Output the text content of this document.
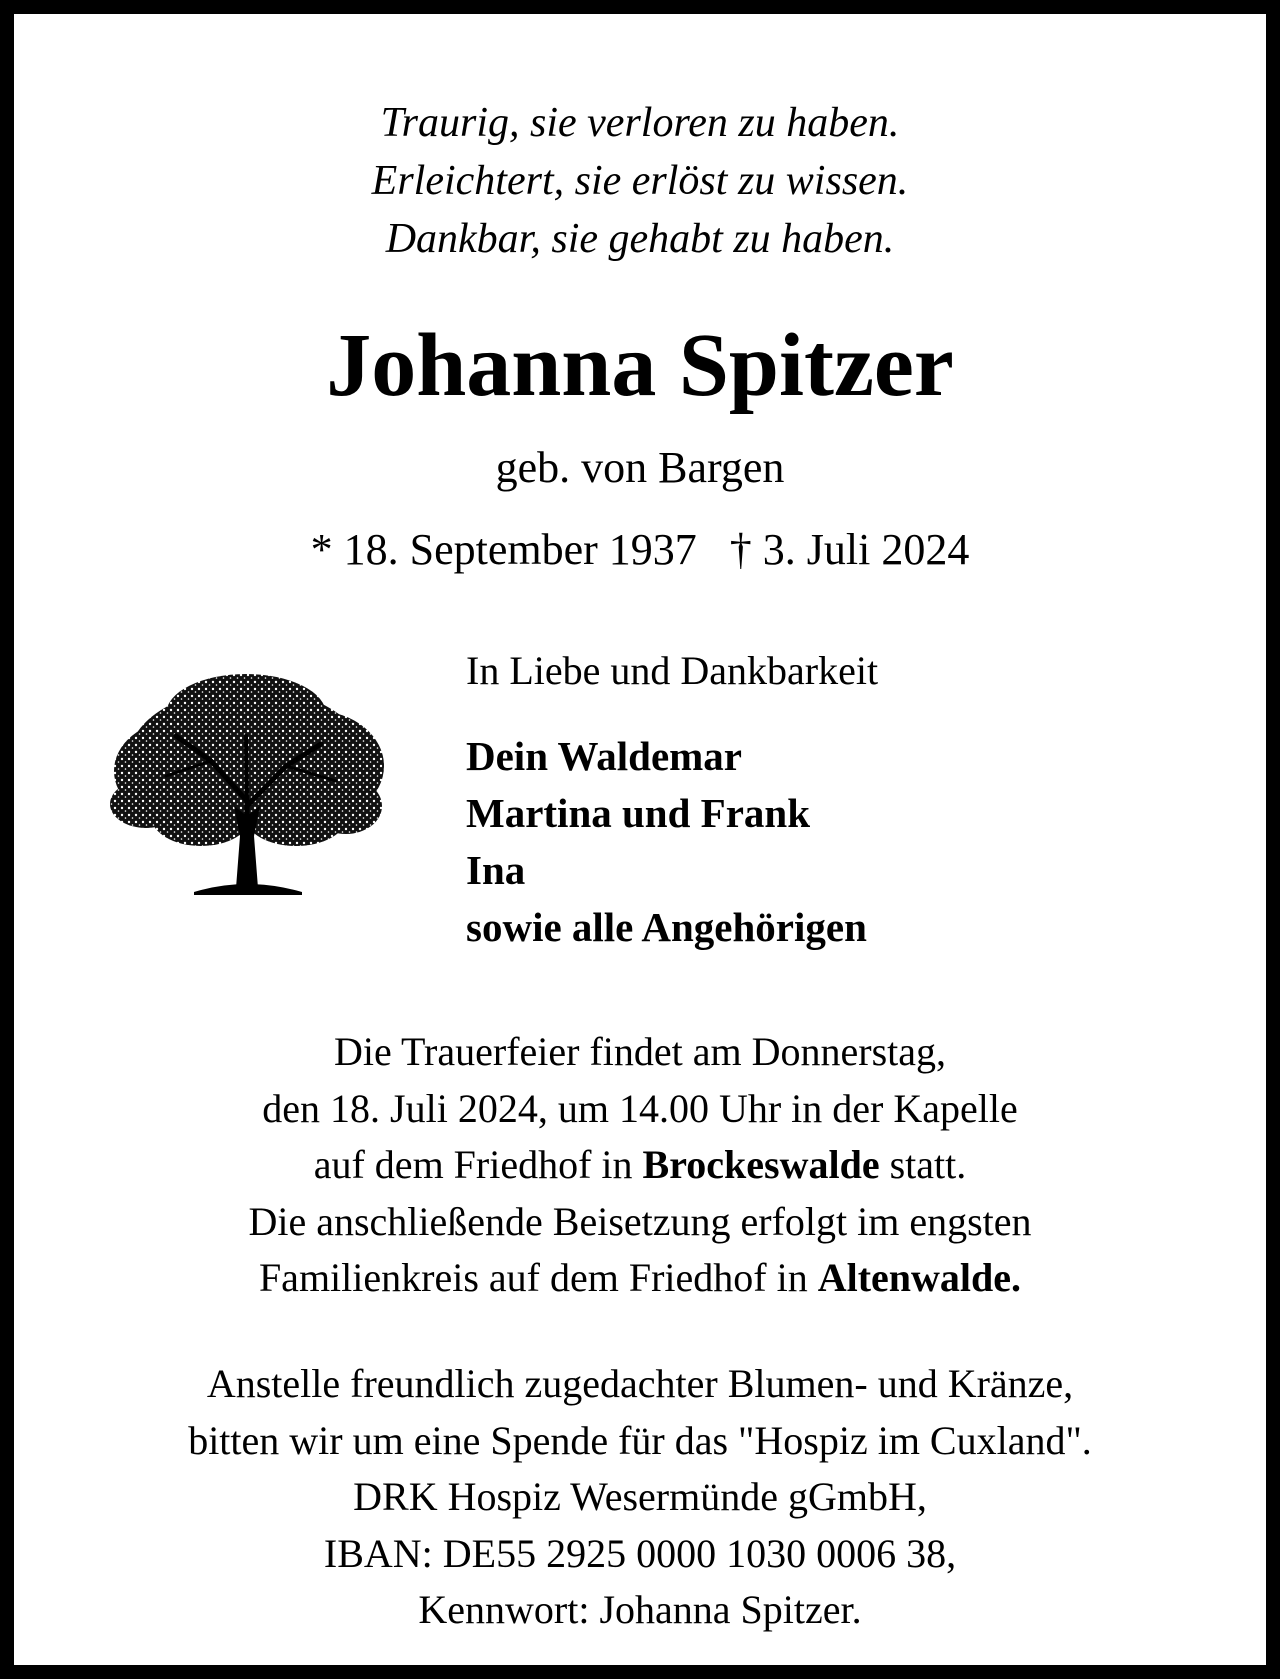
Traurig, sie verloren zu haben.
Erleichtert, sie erlöst zu wissen.
Dankbar, sie gehabt zu haben.
Johanna Spitzer
geb. von Bargen
* 18. September 1937 † 3. Juli 2024
In Liebe und Dankbarkeit
Dein Waldemar
Martina und Frank
Ina
sowie alle Angehörigen
Die Trauerfeier findet am Donnerstag,
den 18. Juli 2024, um 14.00 Uhr in der Kapelle
auf dem Friedhof in Brockeswalde statt.
Die anschließende Beisetzung erfolgt im engsten
Familienkreis auf dem Friedhof in Altenwalde.
Anstelle freundlich zugedachter Blumen- und Kränze,
bitten wir um eine Spende für das "Hospiz im Cuxland".
DRK Hospiz Wesermünde gGmbH,
IBAN: DE55 2925 0000 1030 0006 38,
Kennwort: Johanna Spitzer.
